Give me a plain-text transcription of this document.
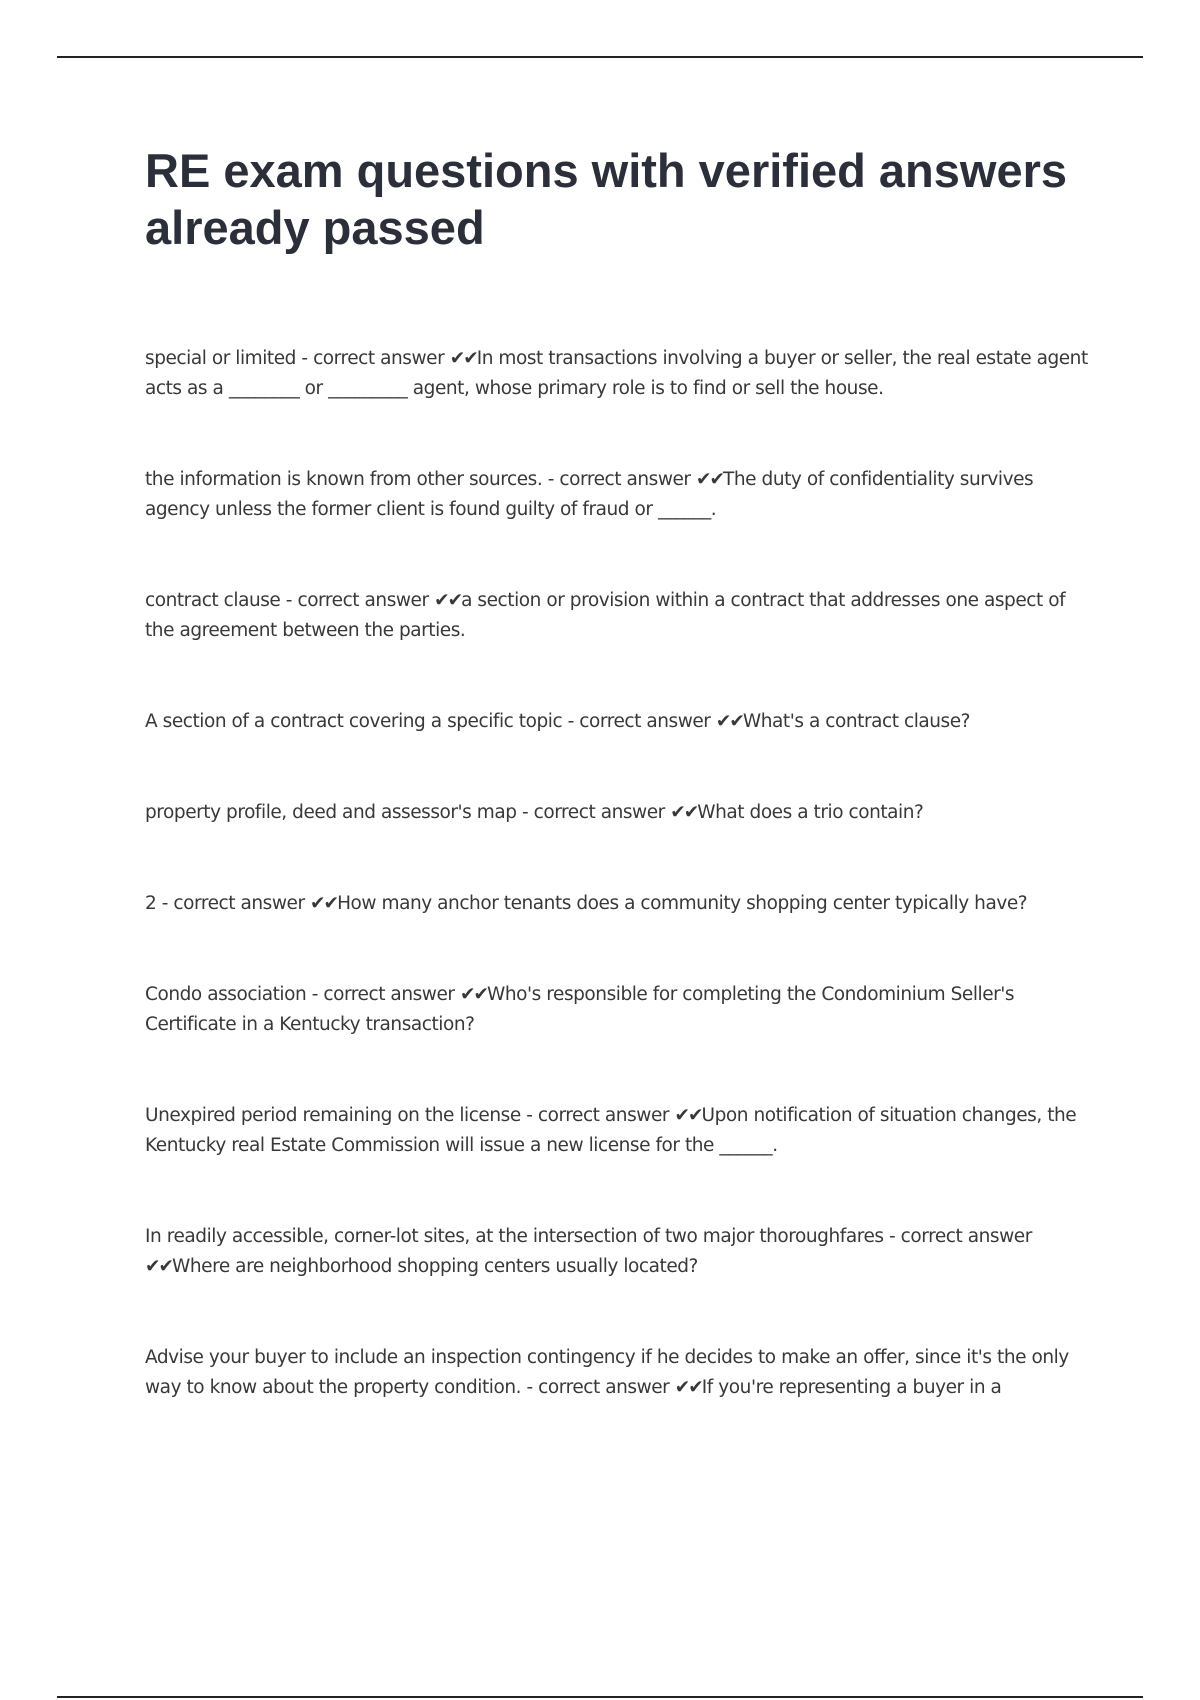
RE exam questions with verified answers already passed

special or limited - correct answer ✔✔In most transactions involving a buyer or seller, the real estate agent acts as a ________ or _________ agent, whose primary role is to find or sell the house.

the information is known from other sources. - correct answer ✔✔The duty of confidentiality survives agency unless the former client is found guilty of fraud or ______.

contract clause - correct answer ✔✔a section or provision within a contract that addresses one aspect of the agreement between the parties.

A section of a contract covering a specific topic - correct answer ✔✔What's a contract clause?

property profile, deed and assessor's map - correct answer ✔✔What does a trio contain?

2 - correct answer ✔✔How many anchor tenants does a community shopping center typically have?

Condo association - correct answer ✔✔Who's responsible for completing the Condominium Seller's Certificate in a Kentucky transaction?

Unexpired period remaining on the license - correct answer ✔✔Upon notification of situation changes, the Kentucky real Estate Commission will issue a new license for the ______.

In readily accessible, corner-lot sites, at the intersection of two major thoroughfares - correct answer ✔✔Where are neighborhood shopping centers usually located?

Advise your buyer to include an inspection contingency if he decides to make an offer, since it's the only way to know about the property condition. - correct answer ✔✔If you're representing a buyer in a
